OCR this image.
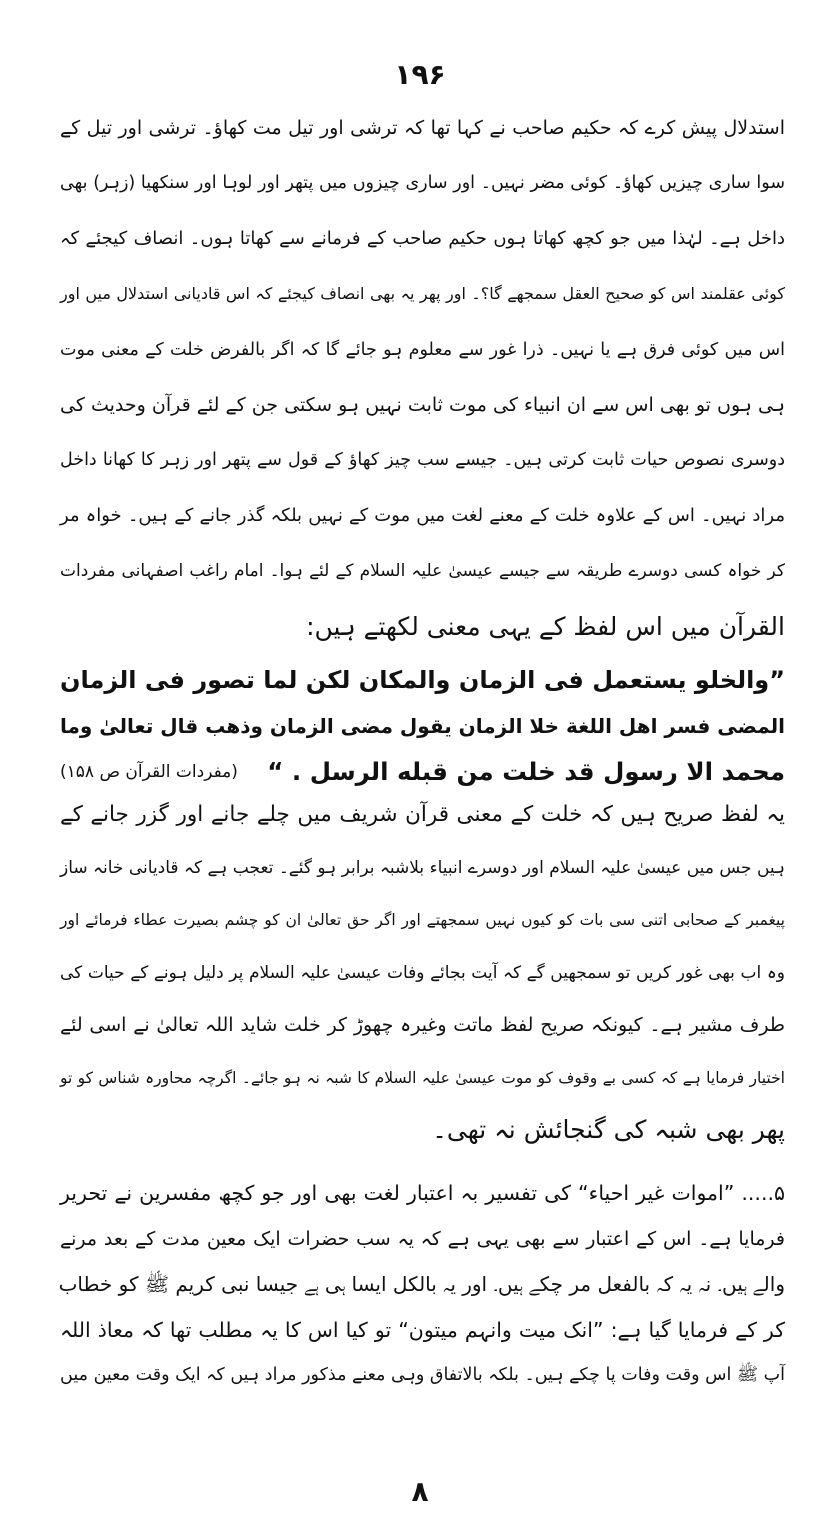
۱۹۶
استدلال پیش کرے کہ حکیم صاحب نے کہا تھا کہ ترشی اور تیل مت کھاؤ۔ ترشی اور تیل کے
سوا ساری چیزیں کھاؤ۔ کوئی مضر نہیں۔ اور ساری چیزوں میں پتھر اور لوہا اور سنکھیا (زہر) بھی
داخل ہے۔ لہٰذا میں جو کچھ کھاتا ہوں حکیم صاحب کے فرمانے سے کھاتا ہوں۔ انصاف کیجئے کہ
کوئی عقلمند اس کو صحیح العقل سمجھے گا؟۔ اور پھر یہ بھی انصاف کیجئے کہ اس قادیانی استدلال میں اور
اس میں کوئی فرق ہے یا نہیں۔ ذرا غور سے معلوم ہو جائے گا کہ اگر بالفرض خلت کے معنی موت
ہی ہوں تو بھی اس سے ان انبیاء کی موت ثابت نہیں ہو سکتی جن کے لئے قرآن وحدیث کی
دوسری نصوص حیات ثابت کرتی ہیں۔ جیسے سب چیز کھاؤ کے قول سے پتھر اور زہر کا کھانا داخل
مراد نہیں۔ اس کے علاوہ خلت کے معنے لغت میں موت کے نہیں بلکہ گذر جانے کے ہیں۔ خواہ مر
کر خواہ کسی دوسرے طریقہ سے جیسے عیسیٰ علیہ السلام کے لئے ہوا۔ امام راغب اصفہانی مفردات
القرآن میں اس لفظ کے یہی معنی لکھتے ہیں:
”والخلو يستعمل فى الزمان والمكان لكن لما تصور فى الزمان
المضى فسر اهل اللغة خلا الزمان يقول مضى الزمان وذهب قال تعالىٰ وما
محمد الا رسول قد خلت من قبله الرسل . “
یہ لفظ صریح ہیں کہ خلت کے معنی قرآن شریف میں چلے جانے اور گزر جانے کے
ہیں جس میں عیسیٰ علیہ السلام اور دوسرے انبیاء بلاشبہ برابر ہو گئے۔ تعجب ہے کہ قادیانی خانہ ساز
پیغمبر کے صحابی اتنی سی بات کو کیوں نہیں سمجھتے اور اگر حق تعالیٰ ان کو چشم بصیرت عطاء فرمائے اور
وہ اب بھی غور کریں تو سمجھیں گے کہ آیت بجائے وفات عیسیٰ علیہ السلام پر دلیل ہونے کے حیات کی
طرف مشیر ہے۔ کیونکہ صریح لفظ ماتت وغیرہ چھوڑ کر خلت شاید اللہ تعالیٰ نے اسی لئے
اختیار فرمایا ہے کہ کسی بے وقوف کو موت عیسیٰ علیہ السلام کا شبہ نہ ہو جائے۔ اگرچہ محاورہ شناس کو تو
پھر بھی شبہ کی گنجائش نہ تھی۔
۵..... ”اموات غیر احیاء“ کی تفسیر بہ اعتبار لغت بھی اور جو کچھ مفسرین نے تحریر
فرمایا ہے۔ اس کے اعتبار سے بھی یہی ہے کہ یہ سب حضرات ایک معین مدت کے بعد مرنے
والے ہیں۔ نہ یہ کہ بالفعل مر چکے ہیں۔ اور یہ بالکل ایسا ہی ہے جیسا نبی کریم ﷺ کو خطاب
کر کے فرمایا گیا ہے: ”انک میت وانہم میتون“ تو کیا اس کا یہ مطلب تھا کہ معاذ اللہ
آپ ﷺ اس وقت وفات پا چکے ہیں۔ بلکہ بالاتفاق وہی معنے مذکور مراد ہیں کہ ایک وقت معین میں
(مفردات القرآن ص ۱۵۸)
٨
